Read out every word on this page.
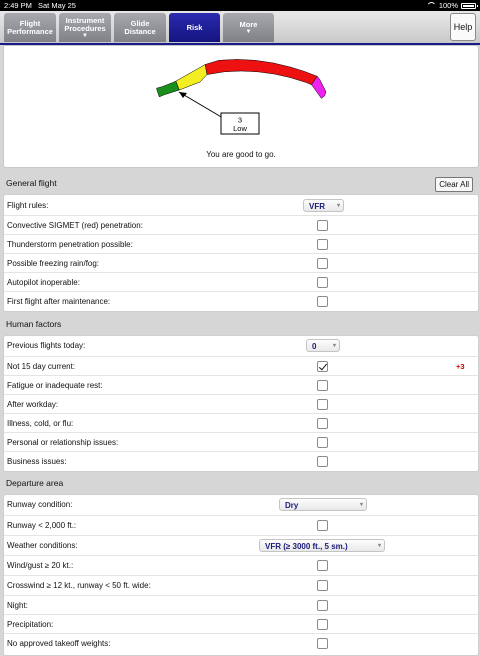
2:49 PM Sat May 25	100%
Flight
Performance
Instrument
Procedures
▼
Glide
Distance	Risk	More
▼	Help
3
Low
You are good to go.
General flight	Clear All
Flight rules:	VFR ▾
Convective SIGMET (red) penetration:
Thunderstorm penetration possible:
Possible freezing rain/fog:
Autopilot inoperable:
First flight after maintenance:
Human factors
Previous flights today:	0	▾
Not 15 day current:	+3
Fatigue or inadequate rest:
After workday:
Illness, cold, or flu:
Personal or relationship issues:
Business issues:
Departure area
Runway condition:	Dry	▾
Runway < 2,000 ft.:
Weather conditions:	VFR (≥ 3000 ft., 5 sm.)	▾
Wind/gust ≥ 20 kt.:
Crosswind ≥ 12 kt., runway < 50 ft. wide:
Night:
Precipitation:
No approved takeoff weights:
